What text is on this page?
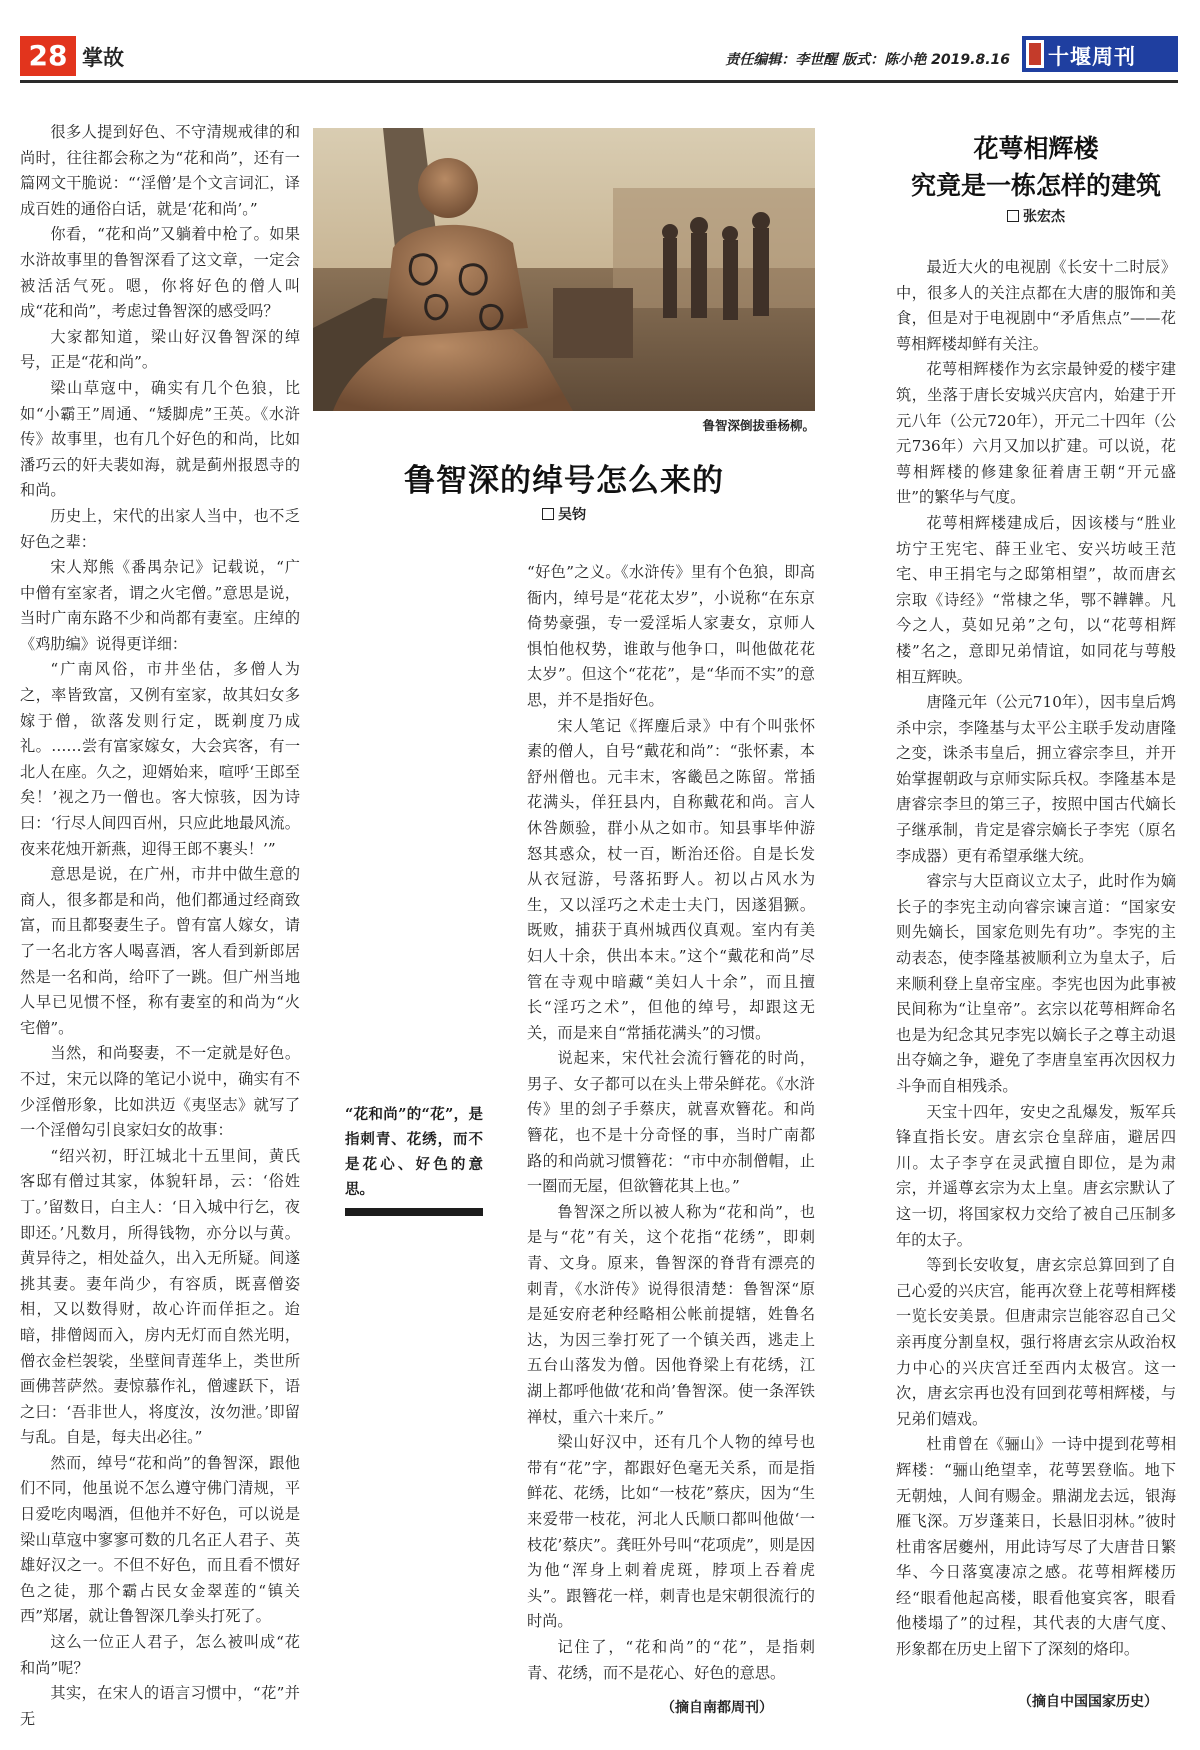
28 掌故	责任编辑：李世醒 版式：陈小艳 2019.8.16 十堰周刊

很多人提到好色、不守清规戒律的和尚时，往往都会称之为“花和尚”，还有一篇网文干脆说：“‘淫僧’是个文言词汇，译成百姓的通俗白话，就是‘花和尚’。”

你看，“花和尚”又躺着中枪了。如果水浒故事里的鲁智深看了这文章，一定会被活活气死。嗯，你将好色的僧人叫成“花和尚”，考虑过鲁智深的感受吗？

大家都知道，梁山好汉鲁智深的绰号，正是“花和尚”。

梁山草寇中，确实有几个色狼，比如“小霸王”周通、“矮脚虎”王英。《水浒传》故事里，也有几个好色的和尚，比如潘巧云的奸夫裴如海，就是蓟州报恩寺的和尚。

历史上，宋代的出家人当中，也不乏好色之辈：

宋人郑熊《番禺杂记》记载说，“广中僧有室家者，谓之火宅僧。”意思是说，当时广南东路不少和尚都有妻室。庄绰的《鸡肋编》说得更详细：

“广南风俗，市井坐估，多僧人为之，率皆致富，又例有室家，故其妇女多嫁于僧，欲落发则行定，既剃度乃成礼。……尝有富家嫁女，大会宾客，有一北人在座。久之，迎婿始来，喧呼‘王郎至矣！’视之乃一僧也。客大惊骇，因为诗曰：‘行尽人间四百州，只应此地最风流。夜来花烛开新燕，迎得王郎不裹头！’”

意思是说，在广州，市井中做生意的商人，很多都是和尚，他们都通过经商致富，而且都娶妻生子。曾有富人嫁女，请了一名北方客人喝喜酒，客人看到新郎居然是一名和尚，给吓了一跳。但广州当地人早已见惯不怪，称有妻室的和尚为“火宅僧”。

当然，和尚娶妻，不一定就是好色。不过，宋元以降的笔记小说中，确实有不少淫僧形象，比如洪迈《夷坚志》就写了一个淫僧勾引良家妇女的故事：

“绍兴初，盱江城北十五里间，黄氏客邸有僧过其家，体貌轩昂，云：‘俗姓丁。’留数日，白主人：‘日入城中行乞，夜即还。’凡数月，所得钱物，亦分以与黄。黄异待之，相处益久，出入无所疑。间遂挑其妻。妻年尚少，有容质，既喜僧姿相，又以数得财，故心许而佯拒之。迨暗，排僧闼而入，房内无灯而自然光明，僧衣金栏袈裟，坐壁间青莲华上，类世所画佛菩萨然。妻惊慕作礼，僧遽跃下，语之曰：‘吾非世人，将度汝，汝勿泄。’即留与乱。自是，每夫出必往。”

然而，绰号“花和尚”的鲁智深，跟他们不同，他虽说不怎么遵守佛门清规，平日爱吃肉喝酒，但他并不好色，可以说是梁山草寇中寥寥可数的几名正人君子、英雄好汉之一。不但不好色，而且看不惯好色之徒，那个霸占民女金翠莲的“镇关西”郑屠，就让鲁智深几拳头打死了。

这么一位正人君子，怎么被叫成“花和尚”呢？

其实，在宋人的语言习惯中，“花”并无

鲁智深倒拔垂杨柳。
鲁智深的绰号怎么来的
吴钧
“花和尚”的“花”，是指刺青、花绣，而不是花心、好色的意思。

“好色”之义。《水浒传》里有个色狼，即高衙内，绰号是“花花太岁”，小说称“在东京倚势豪强，专一爱淫垢人家妻女，京师人惧怕他权势，谁敢与他争口，叫他做花花太岁”。但这个“花花”，是“华而不实”的意思，并不是指好色。

宋人笔记《挥麈后录》中有个叫张怀素的僧人，自号“戴花和尚”：“张怀素，本舒州僧也。元丰末，客畿邑之陈留。常插花满头，佯狂县内，自称戴花和尚。言人休咎颇验，群小从之如市。知县事毕仲游怒其惑众，杖一百，断治还俗。自是长发从衣冠游，号落拓野人。初以占风水为生，又以淫巧之术走士夫门，因遂猖獗。既败，捕获于真州城西仪真观。室内有美妇人十余，供出本末。”这个“戴花和尚”尽管在寺观中暗藏“美妇人十余”，而且擅长“淫巧之术”，但他的绰号，却跟这无关，而是来自“常插花满头”的习惯。

说起来，宋代社会流行簪花的时尚，男子、女子都可以在头上带朵鲜花。《水浒传》里的刽子手蔡庆，就喜欢簪花。和尚簪花，也不是十分奇怪的事，当时广南都路的和尚就习惯簪花：“市中亦制僧帽，止一圈而无屋，但欲簪花其上也。”

鲁智深之所以被人称为“花和尚”，也是与“花”有关，这个花指“花绣”，即刺青、文身。原来，鲁智深的脊背有漂亮的刺青，《水浒传》说得很清楚：鲁智深“原是延安府老种经略相公帐前提辖，姓鲁名达，为因三拳打死了一个镇关西，逃走上五台山落发为僧。因他脊梁上有花绣，江湖上都呼他做‘花和尚’鲁智深。使一条浑铁禅杖，重六十来斤。”

梁山好汉中，还有几个人物的绰号也带有“花”字，都跟好色毫无关系，而是指鲜花、花绣，比如“一枝花”蔡庆，因为“生来爱带一枝花，河北人氏顺口都叫他做‘一枝花’蔡庆”。龚旺外号叫“花项虎”，则是因为他“浑身上刺着虎斑，脖项上吞着虎头”。跟簪花一样，刺青也是宋朝很流行的时尚。

记住了，“花和尚”的“花”，是指刺青、花绣，而不是花心、好色的意思。

（摘自南都周刊）
花萼相辉楼
究竟是一栋怎样的建筑
张宏杰

最近大火的电视剧《长安十二时辰》中，很多人的关注点都在大唐的服饰和美食，但是对于电视剧中“矛盾焦点”——花萼相辉楼却鲜有关注。

花萼相辉楼作为玄宗最钟爱的楼宇建筑，坐落于唐长安城兴庆宫内，始建于开元八年（公元720年），开元二十四年（公元736年）六月又加以扩建。可以说，花萼相辉楼的修建象征着唐王朝“开元盛世”的繁华与气度。

花萼相辉楼建成后，因该楼与“胜业坊宁王宪宅、薛王业宅、安兴坊岐王范宅、申王捐宅与之邸第相望”，故而唐玄宗取《诗经》“常棣之华，鄂不韡韡。凡今之人，莫如兄弟”之句，以“花萼相辉楼”名之，意即兄弟情谊，如同花与萼般相互辉映。

唐隆元年（公元710年），因韦皇后鸩杀中宗，李隆基与太平公主联手发动唐隆之变，诛杀韦皇后，拥立睿宗李旦，并开始掌握朝政与京师实际兵权。李隆基本是唐睿宗李旦的第三子，按照中国古代嫡长子继承制，肯定是睿宗嫡长子李宪（原名李成器）更有希望承继大统。

睿宗与大臣商议立太子，此时作为嫡长子的李宪主动向睿宗谏言道：“国家安则先嫡长，国家危则先有功”。李宪的主动表态，使李隆基被顺利立为皇太子，后来顺利登上皇帝宝座。李宪也因为此事被民间称为“让皇帝”。玄宗以花萼相辉命名也是为纪念其兄李宪以嫡长子之尊主动退出夺嫡之争，避免了李唐皇室再次因权力斗争而自相残杀。

天宝十四年，安史之乱爆发，叛军兵锋直指长安。唐玄宗仓皇辞庙，避居四川。太子李亨在灵武擅自即位，是为肃宗，并遥尊玄宗为太上皇。唐玄宗默认了这一切，将国家权力交给了被自己压制多年的太子。

等到长安收复，唐玄宗总算回到了自己心爱的兴庆宫，能再次登上花萼相辉楼一览长安美景。但唐肃宗岂能容忍自己父亲再度分割皇权，强行将唐玄宗从政治权力中心的兴庆宫迁至西内太极宫。这一次，唐玄宗再也没有回到花萼相辉楼，与兄弟们嬉戏。

杜甫曾在《骊山》一诗中提到花萼相辉楼：“骊山绝望幸，花萼罢登临。地下无朝烛，人间有赐金。鼎湖龙去远，银海雁飞深。万岁蓬莱日，长悬旧羽林。”彼时杜甫客居夔州，用此诗写尽了大唐昔日繁华、今日落寞凄凉之感。花萼相辉楼历经“眼看他起高楼，眼看他宴宾客，眼看他楼塌了”的过程，其代表的大唐气度、形象都在历史上留下了深刻的烙印。

（摘自中国国家历史）
